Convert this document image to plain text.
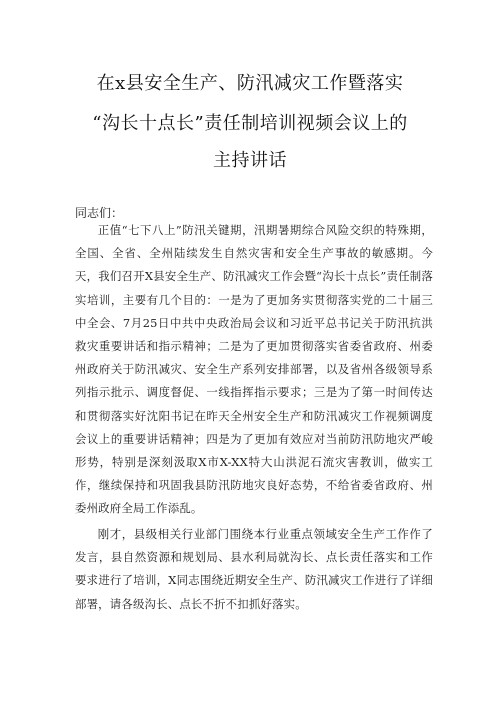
在x县安全生产、防汛减灾工作暨落实
“沟长十点长”责任制培训视频会议上的
主持讲话
同志们：
正值“七下八上”防汛关键期，汛期暑期综合风险交织的特殊期，全国、全省、全州陆续发生自然灾害和安全生产事故的敏感期。今天，我们召开X县安全生产、防汛减灾工作会暨“沟长十点长”责任制落实培训，主要有几个目的：一是为了更加务实贯彻落实党的二十届三中全会、7月25日中共中央政治局会议和习近平总书记关于防汛抗洪救灾重要讲话和指示精神；二是为了更加贯彻落实省委省政府、州委州政府关于防汛减灾、安全生产系列安排部署，以及省州各级领导系列指示批示、调度督促、一线指挥指示要求；三是为了第一时间传达和贯彻落实好沈阳书记在昨天全州安全生产和防汛减灾工作视频调度会议上的重要讲话精神；四是为了更加有效应对当前防汛防地灾严峻形势，特别是深刻汲取X市X-XX特大山洪泥石流灾害教训，做实工作，继续保持和巩固我县防汛防地灾良好态势，不给省委省政府、州委州政府全局工作添乱。
刚才，县级相关行业部门围绕本行业重点领域安全生产工作作了发言，县自然资源和规划局、县水利局就沟长、点长责任落实和工作要求进行了培训，X同志围绕近期安全生产、防汛减灾工作进行了详细部署，请各级沟长、点长不折不扣抓好落实。
